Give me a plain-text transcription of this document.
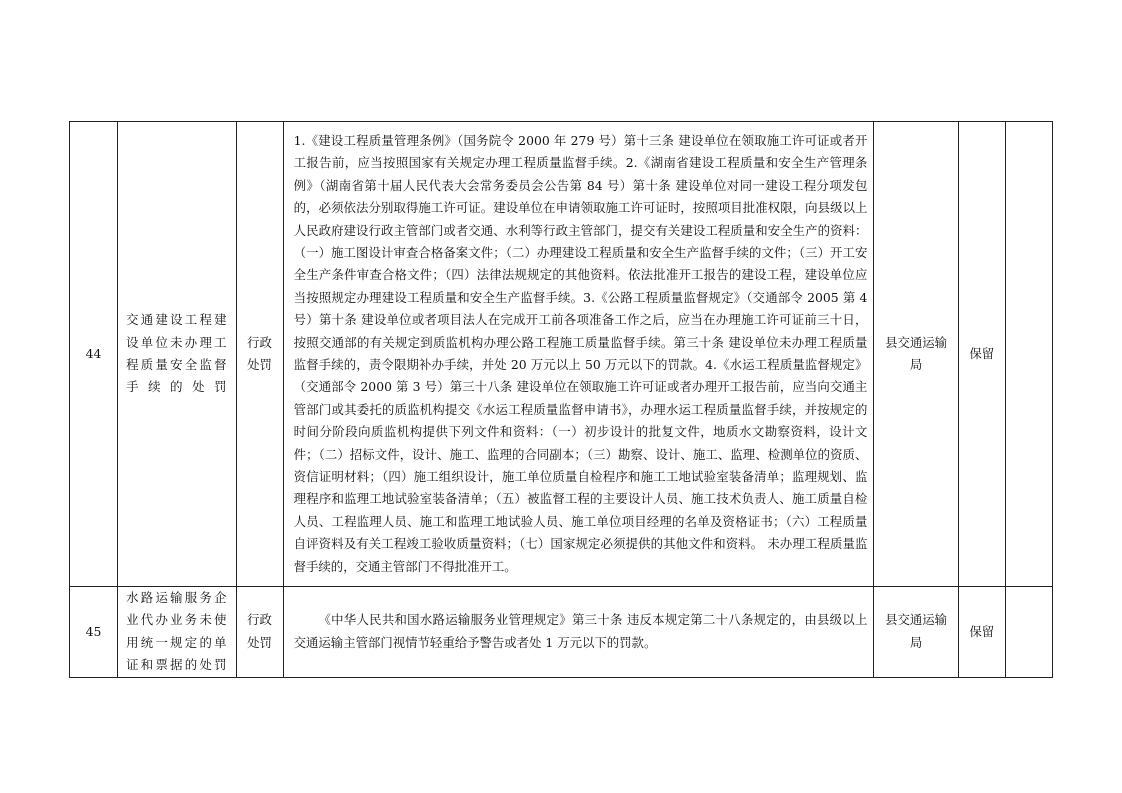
44	交通建设工程建设单位未办理工程质量安全监督手续的处罚	行政处罚	1.《建设工程质量管理条例》（国务院令 2000 年 279 号）第十三条 建设单位在领取施工许可证或者开工报告前，应当按照国家有关规定办理工程质量监督手续。2.《湖南省建设工程质量和安全生产管理条例》（湖南省第十届人民代表大会常务委员会公告第 84 号）第十条 建设单位对同一建设工程分项发包的，必须依法分别取得施工许可证。建设单位在申请领取施工许可证时，按照项目批准权限，向县级以上人民政府建设行政主管部门或者交通、水利等行政主管部门，提交有关建设工程质量和安全生产的资料：（一）施工图设计审查合格备案文件；（二）办理建设工程质量和安全生产监督手续的文件；（三）开工安全生产条件审查合格文件；（四）法律法规规定的其他资料。依法批准开工报告的建设工程，建设单位应当按照规定办理建设工程质量和安全生产监督手续。3.《公路工程质量监督规定》（交通部令 2005 第 4 号）第十条 建设单位或者项目法人在完成开工前各项准备工作之后，应当在办理施工许可证前三十日，按照交通部的有关规定到质监机构办理公路工程施工质量监督手续。第三十条 建设单位未办理工程质量监督手续的，责令限期补办手续，并处 20 万元以上 50 万元以下的罚款。4.《水运工程质量监督规定》（交通部令 2000 第 3 号）第三十八条 建设单位在领取施工许可证或者办理开工报告前，应当向交通主管部门或其委托的质监机构提交《水运工程质量监督申请书》，办理水运工程质量监督手续，并按规定的时间分阶段向质监机构提供下列文件和资料：（一）初步设计的批复文件，地质水文勘察资料，设计文件；（二）招标文件，设计、施工、监理的合同副本；（三）勘察、设计、施工、监理、检测单位的资质、资信证明材料；（四）施工组织设计，施工单位质量自检程序和施工工地试验室装备清单；监理规划、监理程序和监理工地试验室装备清单；（五）被监督工程的主要设计人员、施工技术负责人、施工质量自检人员、工程监理人员、施工和监理工地试验人员、施工单位项目经理的名单及资格证书；（六）工程质量自评资料及有关工程竣工验收质量资料；（七）国家规定必须提供的其他文件和资料。 未办理工程质量监督手续的，交通主管部门不得批准开工。	县交通运输局	保留	
45	水路运输服务企业代办业务未使用统一规定的单证和票据的处罚	行政处罚	《中华人民共和国水路运输服务业管理规定》第三十条 违反本规定第二十八条规定的，由县级以上交通运输主管部门视情节轻重给予警告或者处 1 万元以下的罚款。	县交通运输局	保留	
